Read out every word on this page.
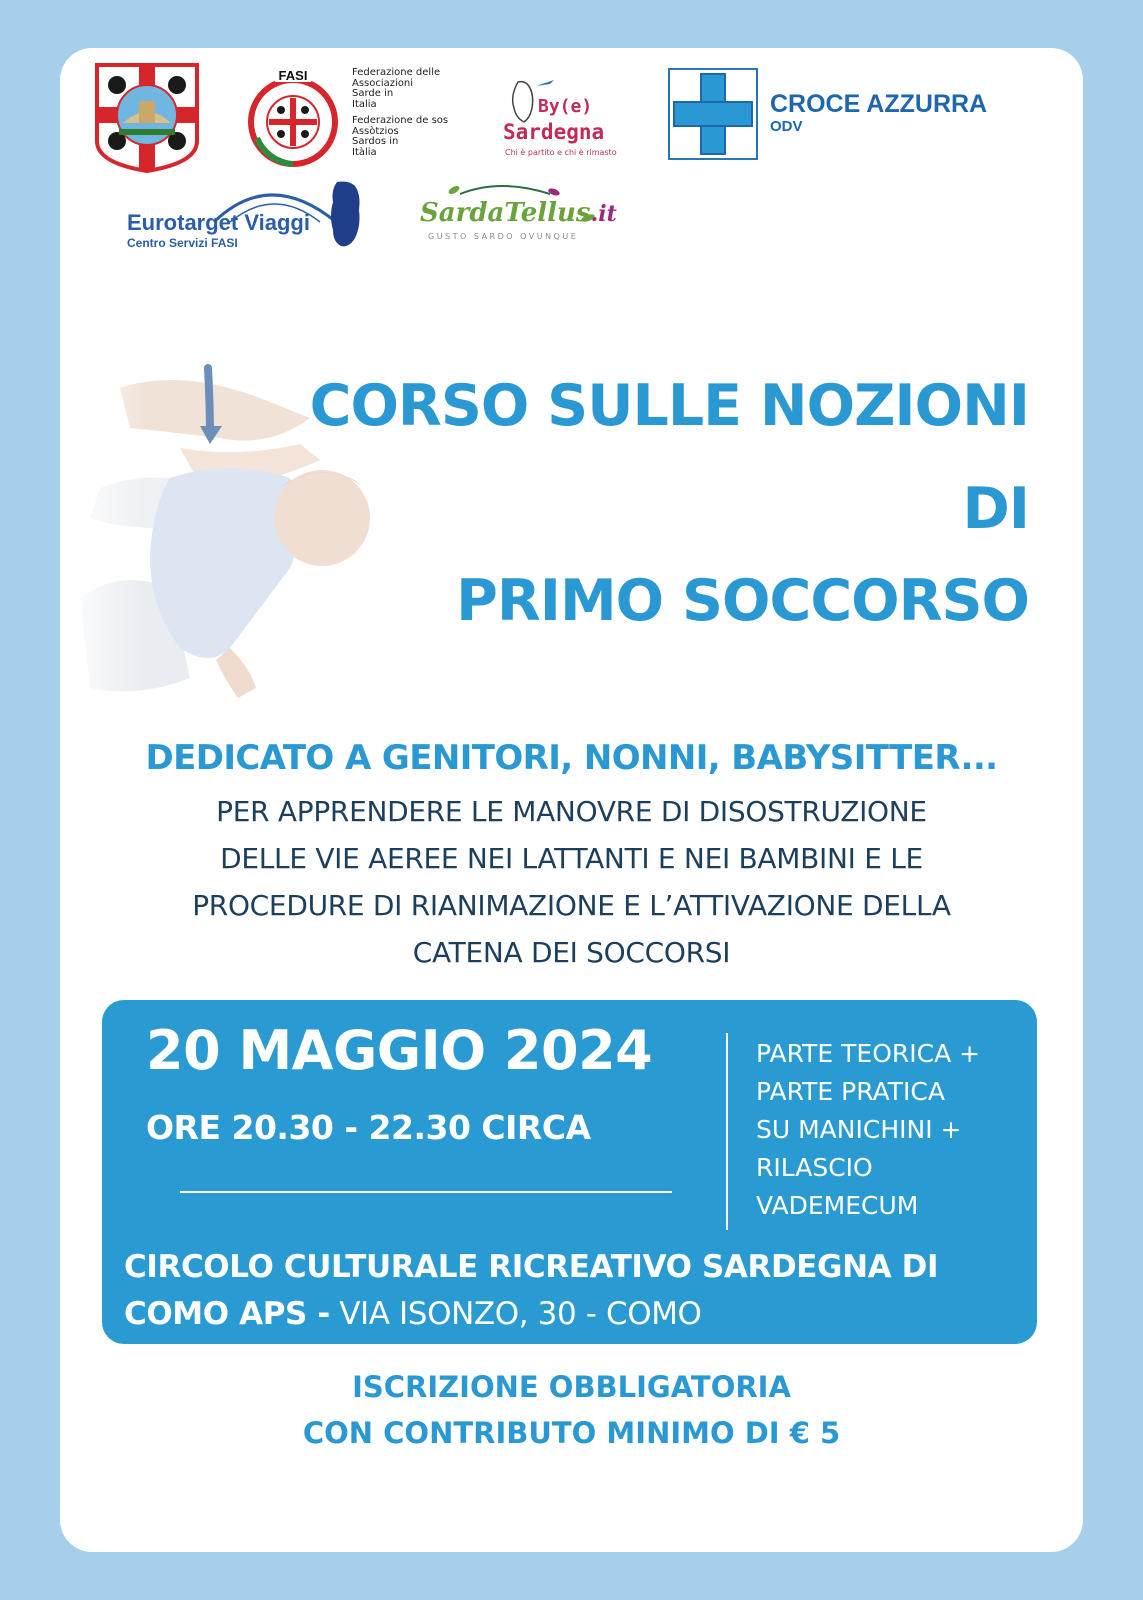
FASI	Federazione delle
Associazioni
Sarde in
Italia
Federazione de sos
Assòtzios
Sardos in
Itàlia
By(e)
Sardegna
Chi è partito e chi è rimasto
CROCE AZZURRA
ODV
Eurotarget Viaggi
Centro Servizi FASI
SardaTellus.it
GUSTO SARDO OVUNQUE
CORSO SULLE NOZIONI
DI
PRIMO SOCCORSO
DEDICATO A GENITORI, NONNI, BABYSITTER...
PER APPRENDERE LE MANOVRE DI DISOSTRUZIONE
DELLE VIE AEREE NEI LATTANTI E NEI BAMBINI E LE
PROCEDURE DI RIANIMAZIONE E L’ATTIVAZIONE DELLA
CATENA DEI SOCCORSI
20 MAGGIO 2024
ORE 20.30 - 22.30 CIRCA
PARTE TEORICA +
PARTE PRATICA
SU MANICHINI +
RILASCIO
VADEMECUM
CIRCOLO CULTURALE RICREATIVO SARDEGNA DI
COMO APS - VIA ISONZO, 30 - COMO
ISCRIZIONE OBBLIGATORIA
CON CONTRIBUTO MINIMO DI € 5
